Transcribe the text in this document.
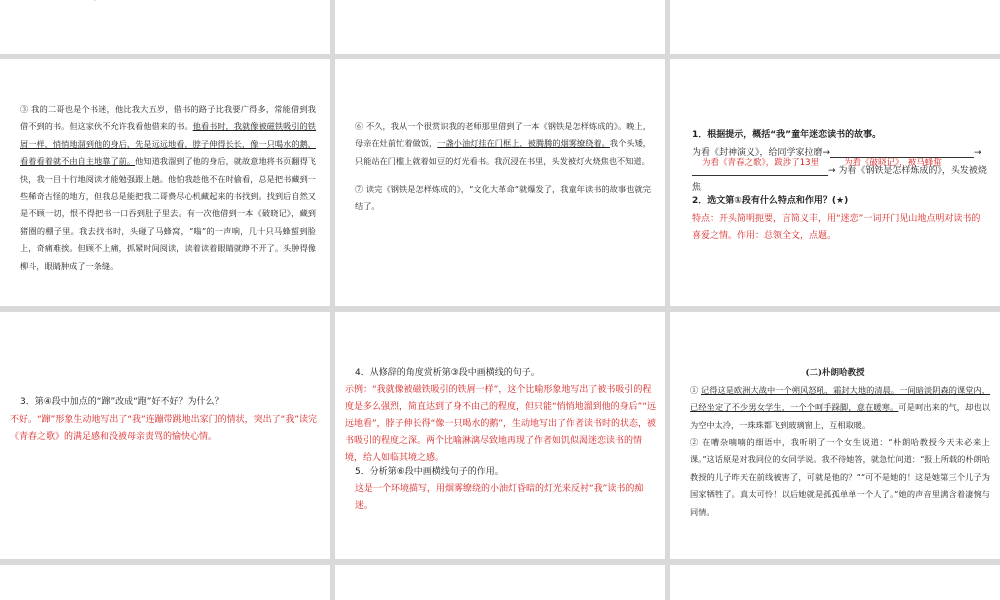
③ 我的二哥也是个书迷，他比我大五岁，借书的路子比我要广得多，常能借到我借不到的书。但这家伙不允许我看他借来的书。他看书时，我就像被磁铁吸引的铁屑一样，悄悄地溜到他的身后，先是远远地看，脖子伸得长长，像一只喝水的鹅，看着看着就不由自主地靠了前。他知道我溜到了他的身后，就故意地将书页翻得飞快，我一目十行地阅读才能勉强跟上趟。他怕我趁他不在时偷看，总是把书藏到一些稀奇古怪的地方，但我总是能把我二哥费尽心机藏起来的书找到。找到后自然又是不顾一切，恨不得把书一口吞到肚子里去。有一次他借到一本《破晓记》，藏到猪圈的棚子里。我去找书时，头碰了马蜂窝，“嗡”的一声响，几十只马蜂蜇到脸上，奇痛难挨。但顾不上痛，抓紧时间阅读，读着读着眼睛就睁不开了。头肿得像柳斗，眼睛肿成了一条缝。
⑥ 不久，我从一个很赏识我的老师那里借到了一本《钢铁是怎样炼成的》。晚上，母亲在灶前忙着做饭，一盏小油灯挂在门框上，被腾腾的烟雾缭绕着。我个头矮，只能站在门槛上就着如豆的灯光看书。我沉浸在书里，头发被灯火烧焦也不知道。
⑦ 读完《钢铁是怎样炼成的》，“文化大革命”就爆发了，我童年读书的故事也就完结了。
1．根据提示，概括“我”童年迷恋读书的故事。
为看《封神演义》，给同学家拉磨→	→
为看《青春之歌》，跋涉了13里
→ 为看《钢铁是怎样炼成的》，头发被烧焦
为看《破晓记》，被马蜂蜇
2．选文第①段有什么特点和作用？(★)
特点：开头简明扼要，言简义丰，用“迷恋”一词开门见山地点明对读书的喜爱之情。作用：总领全文，点题。
3．第④段中加点的“蹿”改成“跑”好不好？为什么？
不好。“蹿”形象生动地写出了“我”连蹦带跳地出家门的情状，突出了“我”读完《青春之歌》的满足感和没被母亲责骂的愉快心情。
4．从修辞的角度赏析第③段中画横线的句子。
示例：“我就像被磁铁吸引的铁屑一样”，这个比喻形象地写出了被书吸引的程度是多么强烈，简直达到了身不由己的程度，但只能“悄悄地溜到他的身后”“远远地看”，脖子伸长得“像一只喝水的鹅”，生动地写出了作者读书时的状态，被书吸引的程度之深。两个比喻淋漓尽致地再现了作者如饥似渴迷恋读书的情境，给人如临其境之感。
5．分析第⑥段中画横线句子的作用。
这是一个环境描写，用烟雾缭绕的小油灯昏暗的灯光来反衬“我”读书的痴迷。
(二)朴朗哈教授
① 记得这是欧洲大战中一个朔风怒吼、霜封大地的清晨。一间暗淡阴森的课堂内，已经坐定了不少男女学生，一个个呵手跺脚，意在暖寒。可是呵出来的气，却也以为空中太冷，一珠珠都飞到玻璃窗上，互相取暖。
② 在嘈杂喃喃的细语中，我听明了一个女生说道：“朴朗哈教授今天未必来上课。”这话原是对我同位的女同学说。我不待她答，就急忙问道：“报上所载的朴朗哈教授的儿子昨天在前线被害了，可就是他的？”“可不是她的！这是她第三个儿子为国家牺牲了。真太可怜！以后她就是孤孤单单一个人了。”她的声音里满含着凄惋与同情。
